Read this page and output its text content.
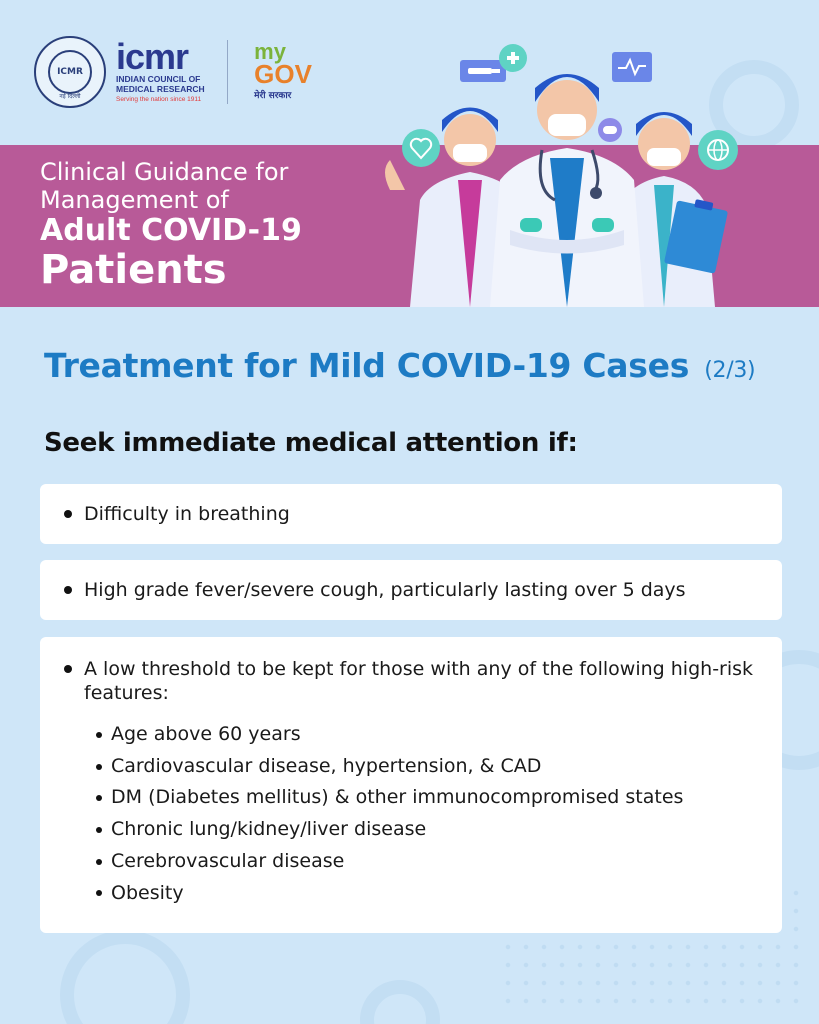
ICMR
नई दिल्ली
icmr
INDIAN COUNCIL OF
MEDICAL RESEARCH
Serving the nation since 1911
my
GOV
मेरी सरकार
Clinical Guidance for
Management of
Adult COVID-19
Patients
Treatment for Mild COVID-19 Cases (2/3)
Seek immediate medical attention if:
Difficulty in breathing
High grade fever/severe cough, particularly lasting over 5 days
A low threshold to be kept for those with any of the following high-risk features:
Age above 60 years
Cardiovascular disease, hypertension, & CAD
DM (Diabetes mellitus) & other immunocompromised states
Chronic lung/kidney/liver disease
Cerebrovascular disease
Obesity
